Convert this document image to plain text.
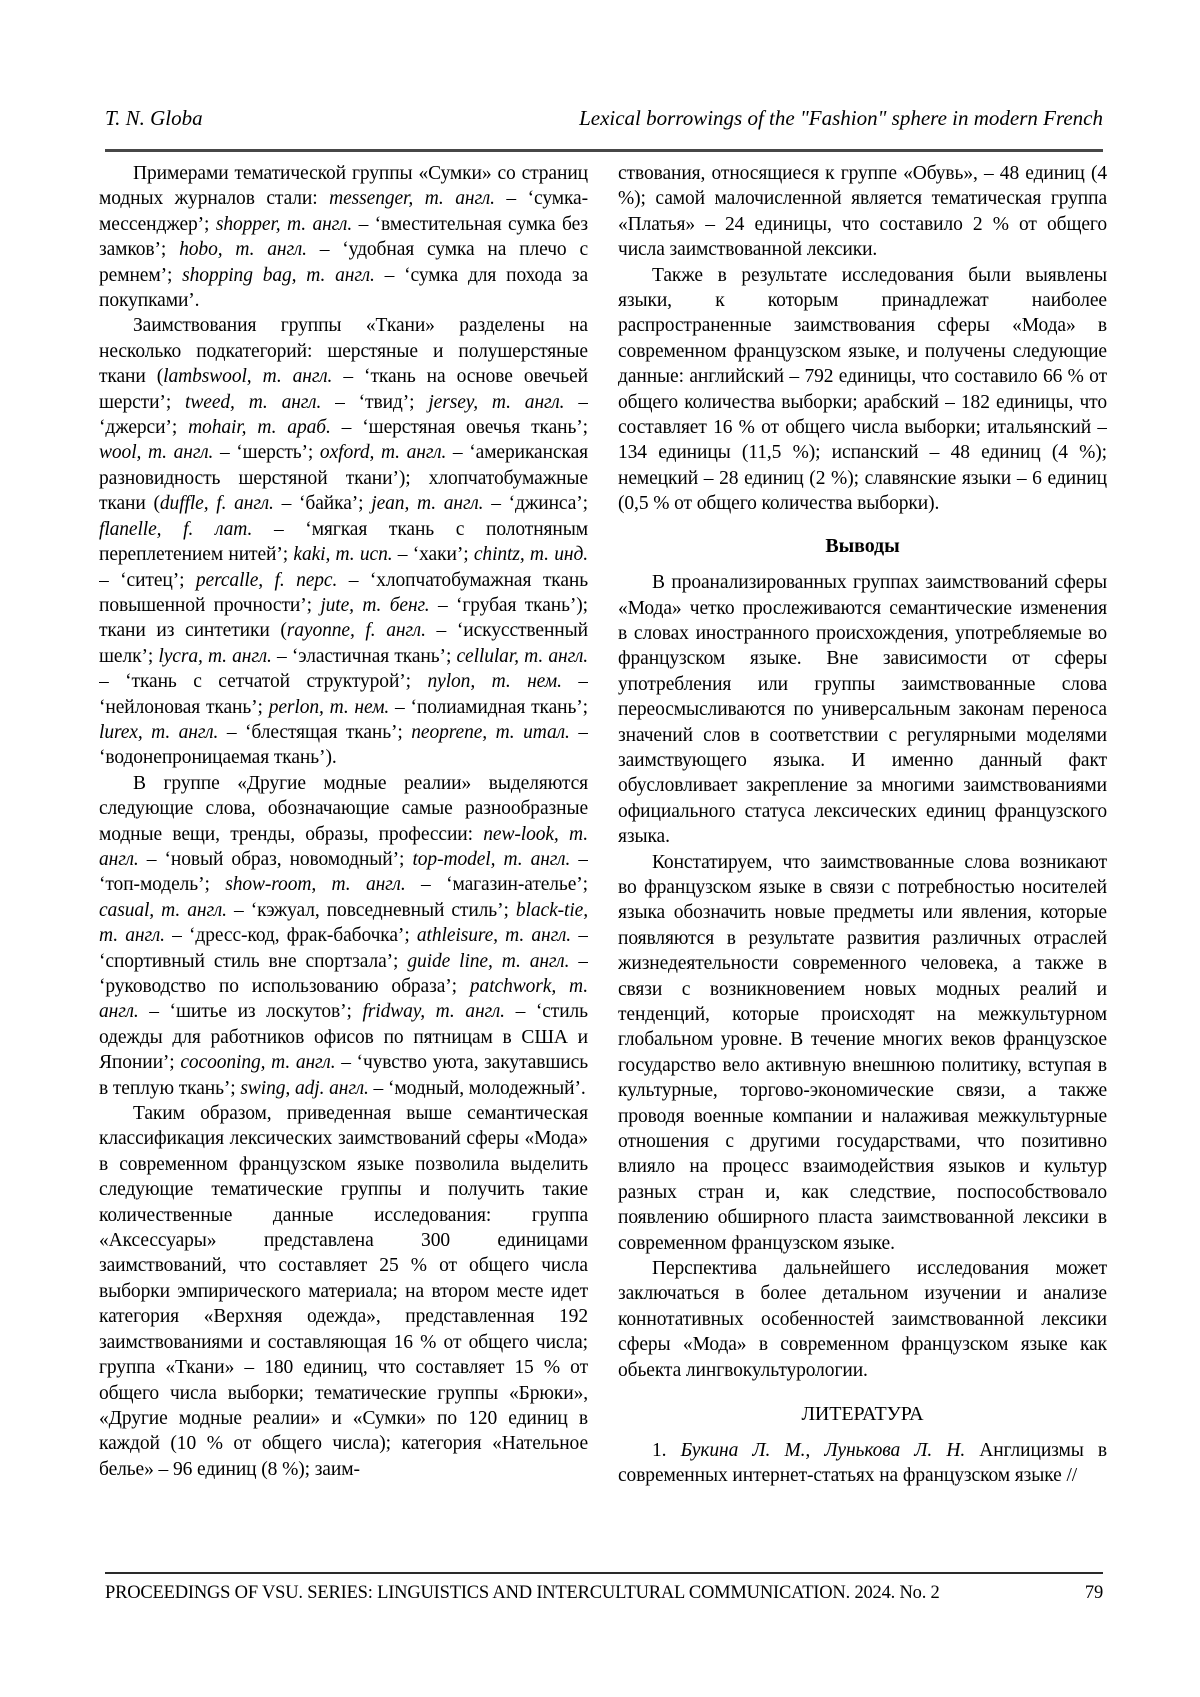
T. N. Globa	Lexical borrowings of the "Fashion" sphere in modern French

Примерами тематической группы «Сумки» со страниц модных журналов стали: messenger, т. англ. – ‘сумка-мессенджер’; shopper, т. англ. – ‘вместительная сумка без замков’; hobo, т. англ. – ‘удобная сумка на плечо с ремнем’; shopping bag, т. англ. – ‘сумка для похода за покупками’.

Заимствования группы «Ткани» разделены на несколько подкатегорий: шерстяные и полушерстяные ткани (lambswool, т. англ. – ‘ткань на основе овечьей шерсти’; tweed, т. англ. – ‘твид’; jersey, т. англ. – ‘джерси’; mohair, т. араб. – ‘шерстяная овечья ткань’; wool, т. англ. – ‘шерсть’; oxford, т. англ. – ‘американская разновидность шерстяной ткани’); хлопчатобумажные ткани (duffle, f. англ. – ‘байка’; jean, т. англ. – ‘джинса’; flanelle, f. лат. – ‘мягкая ткань с полотняным переплетением нитей’; kaki, т. исп. – ‘хаки’; chintz, т. инд. – ‘ситец’; percalle, f. перс. – ‘хлопчатобумажная ткань повышенной прочности’; jute, т. бенг. – ‘грубая ткань’); ткани из синтетики (rayonne, f. англ. – ‘искусственный шелк’; lycra, т. англ. – ‘эластичная ткань’; cellular, т. англ. – ‘ткань с сетчатой структурой’; nylon, т. нем. – ‘нейлоновая ткань’; perlon, т. нем. – ‘полиамидная ткань’; lurex, т. англ. – ‘блестящая ткань’; neoprene, т. итал. – ‘водонепроницаемая ткань’).

В группе «Другие модные реалии» выделяются следующие слова, обозначающие самые разнообразные модные вещи, тренды, образы, профессии: new-look, т. англ. – ‘новый образ, новомодный’; top-model, т. англ. – ‘топ-модель’; show-room, т. англ. – ‘магазин-ателье’; casual, т. англ. – ‘кэжуал, повседневный стиль’; black-tie, т. англ. – ‘дресс-код, фрак-бабочка’; athleisure, т. англ. – ‘спортивный стиль вне спортзала’; guide line, т. англ. – ‘руководство по использованию образа’; patchwork, т. англ. – ‘шитье из лоскутов’; fridway, т. англ. – ‘стиль одежды для работников офисов по пятницам в США и Японии’; cocooning, т. англ. – ‘чувство уюта, закутавшись в теплую ткань’; swing, adj. англ. – ‘модный, молодежный’.

Таким образом, приведенная выше семантическая классификация лексических заимствований сферы «Мода» в современном французском языке позволила выделить следующие тематические группы и получить такие количественные данные исследования: группа «Аксессуары» представлена 300 единицами заимствований, что составляет 25 % от общего числа выборки эмпирического материала; на втором месте идет категория «Верхняя одежда», представленная 192 заимствованиями и составляющая 16 % от общего числа; группа «Ткани» – 180 единиц, что составляет 15 % от общего числа выборки; тематические группы «Брюки», «Другие модные реалии» и «Сумки» по 120 единиц в каждой (10 % от общего числа); категория «Нательное белье» – 96 единиц (8 %); заим-

ствования, относящиеся к группе «Обувь», – 48 единиц (4 %); самой малочисленной является тематическая группа «Платья» – 24 единицы, что составило 2 % от общего числа заимствованной лексики.

Также в результате исследования были выявлены языки, к которым принадлежат наиболее распространенные заимствования сферы «Мода» в современном французском языке, и получены следующие данные: английский – 792 единицы, что составило 66 % от общего количества выборки; арабский – 182 единицы, что составляет 16 % от общего числа выборки; итальянский – 134 единицы (11,5 %); испанский – 48 единиц (4 %); немецкий – 28 единиц (2 %); славянские языки – 6 единиц (0,5 % от общего количества выборки).

Выводы

В проанализированных группах заимствований сферы «Мода» четко прослеживаются семантические изменения в словах иностранного происхождения, употребляемые во французском языке. Вне зависимости от сферы употребления или группы заимствованные слова переосмысливаются по универсальным законам переноса значений слов в соответствии с регулярными моделями заимствующего языка. И именно данный факт обусловливает закрепление за многими заимствованиями официального статуса лексических единиц французского языка.

Констатируем, что заимствованные слова возникают во французском языке в связи с потребностью носителей языка обозначить новые предметы или явления, которые появляются в результате развития различных отраслей жизнедеятельности современного человека, а также в связи с возникновением новых модных реалий и тенденций, которые происходят на межкультурном глобальном уровне. В течение многих веков французское государство вело активную внешнюю политику, вступая в культурные, торгово-экономические связи, а также проводя военные компании и налаживая межкультурные отношения с другими государствами, что позитивно влияло на процесс взаимодействия языков и культур разных стран и, как следствие, поспособствовало появлению обширного пласта заимствованной лексики в современном французском языке.

Перспектива дальнейшего исследования может заключаться в более детальном изучении и анализе коннотативных особенностей заимствованной лексики сферы «Мода» в современном французском языке как обьекта лингвокультурологии.

ЛИТЕРАТУРА

1. Букина Л. М., Лунькова Л. Н. Англицизмы в современных интернет-статьях на французском языке //

PROCEEDINGS OF VSU. SERIES: LINGUISTICS AND INTERCULTURAL COMMUNICATION. 2024. No. 2	79
